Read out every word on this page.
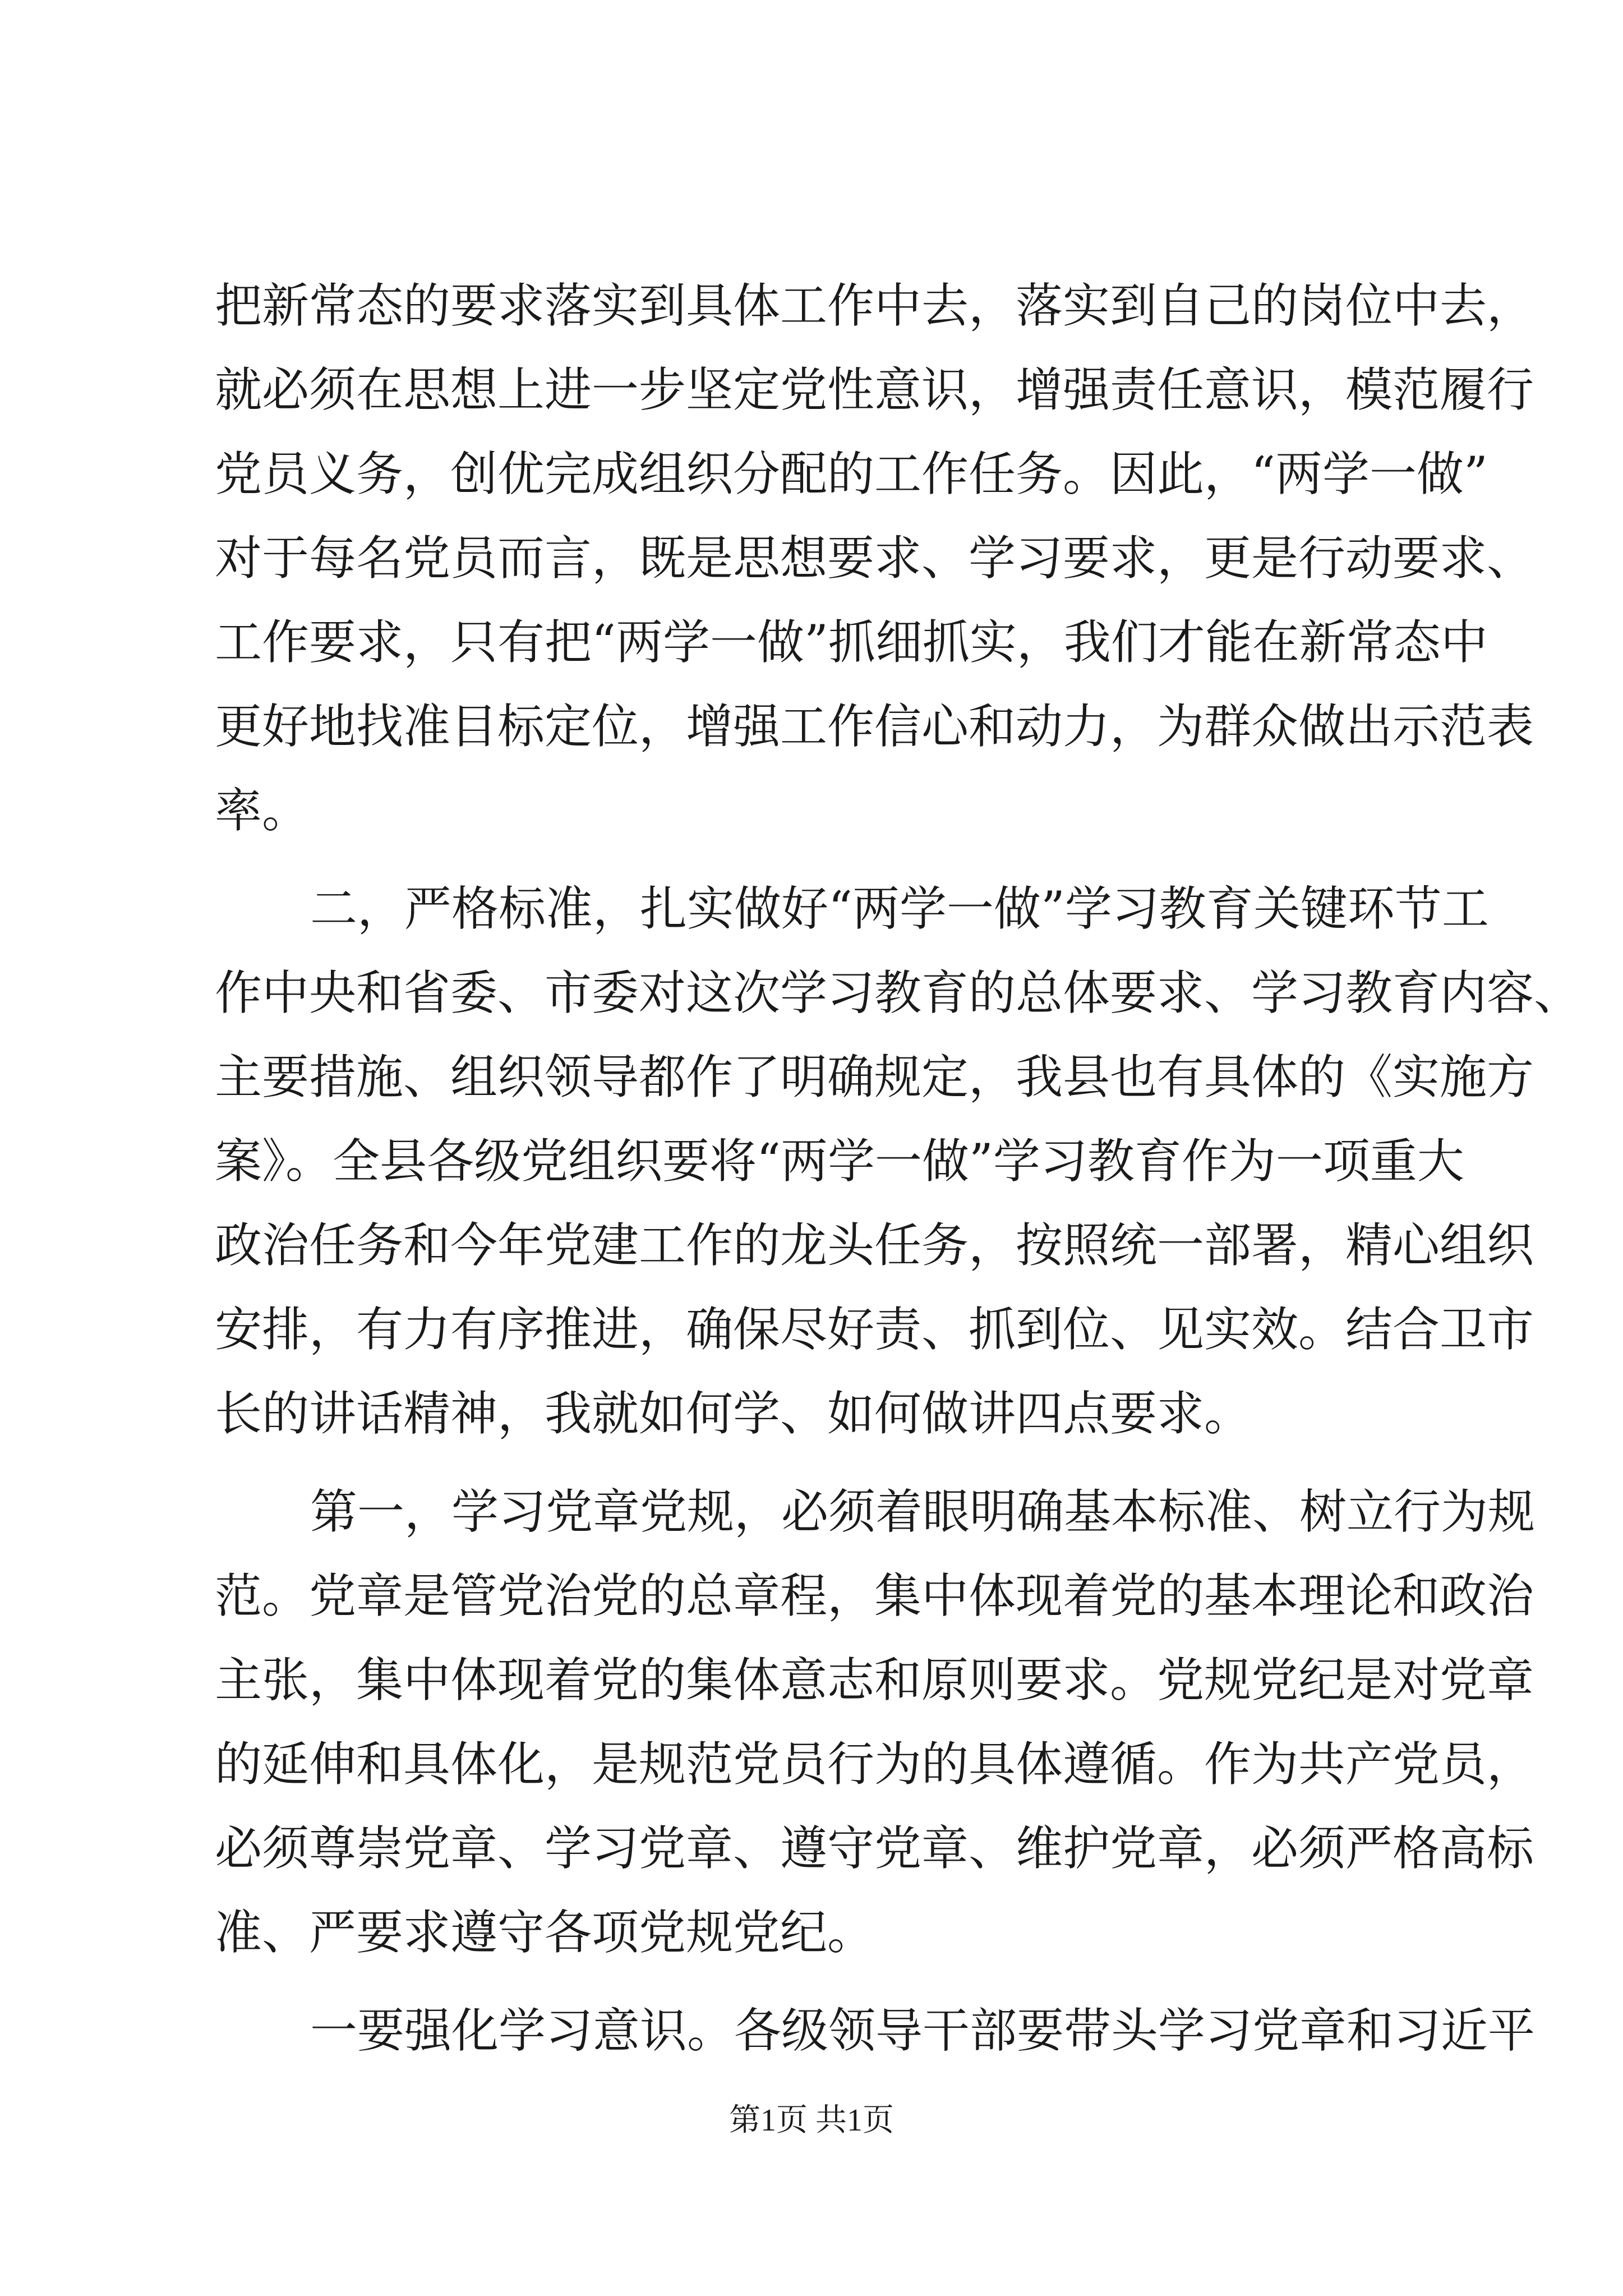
把新常态的要求落实到具体工作中去，落实到自己的岗位中去，
就必须在思想上进一步坚定党性意识，增强责任意识，模范履行
党员义务，创优完成组织分配的工作任务。因此，“两学一做”
对于每名党员而言，既是思想要求、学习要求，更是行动要求、
工作要求，只有把“两学一做”抓细抓实，我们才能在新常态中
更好地找准目标定位，增强工作信心和动力，为群众做出示范表
率。
二，严格标准，扎实做好“两学一做”学习教育关键环节工
作中央和省委、市委对这次学习教育的总体要求、学习教育内容、
主要措施、组织领导都作了明确规定，我县也有具体的《实施方
案》。全县各级党组织要将“两学一做”学习教育作为一项重大
政治任务和今年党建工作的龙头任务，按照统一部署，精心组织
安排，有力有序推进，确保尽好责、抓到位、见实效。结合卫市
长的讲话精神，我就如何学、如何做讲四点要求。
第一，学习党章党规，必须着眼明确基本标准、树立行为规
范。党章是管党治党的总章程，集中体现着党的基本理论和政治
主张，集中体现着党的集体意志和原则要求。党规党纪是对党章
的延伸和具体化，是规范党员行为的具体遵循。作为共产党员，
必须尊崇党章、学习党章、遵守党章、维护党章，必须严格高标
准、严要求遵守各项党规党纪。
一要强化学习意识。各级领导干部要带头学习党章和习近平
第1页 共1页
